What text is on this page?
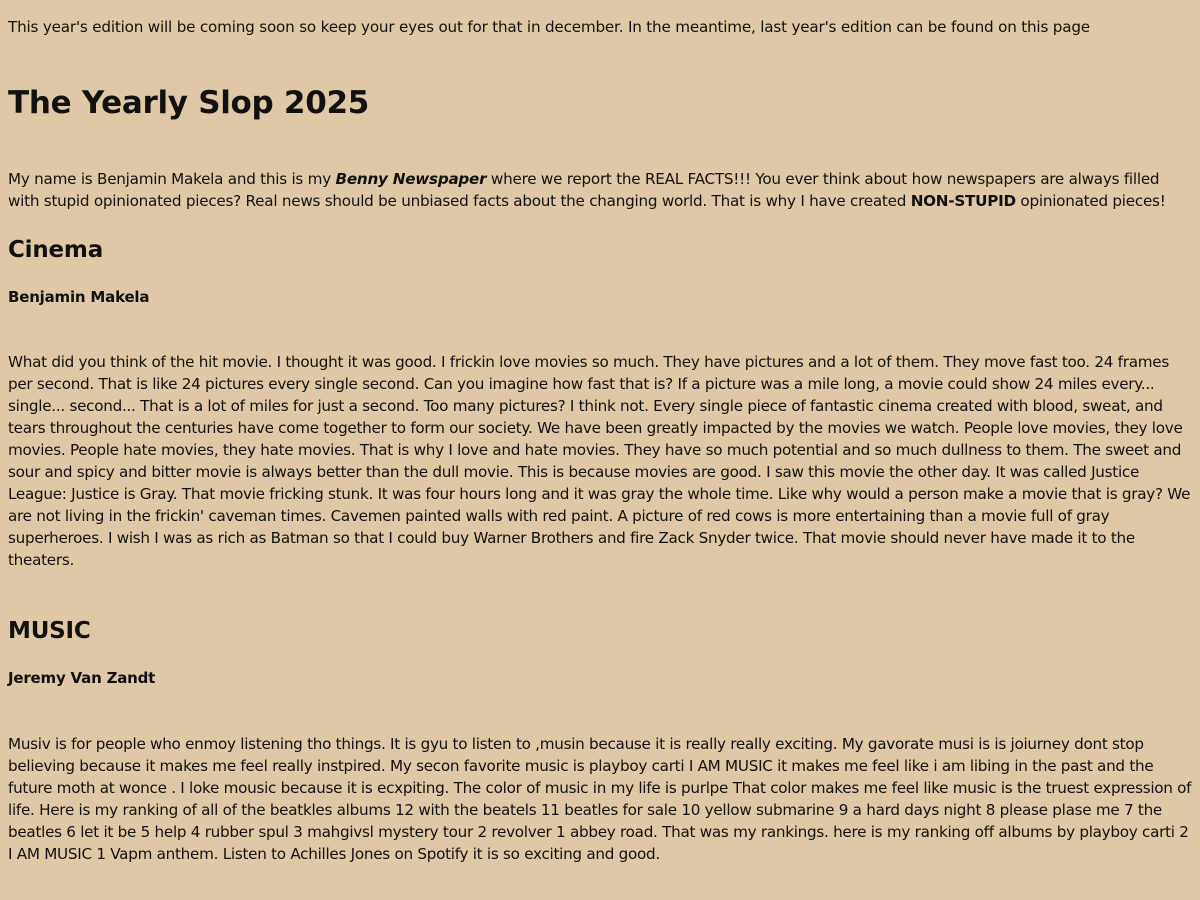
This year's edition will be coming soon so keep your eyes out for that in december. In the meantime, last year's edition can be found on this page

The Yearly Slop 2025

My name is Benjamin Makela and this is my Benny Newspaper where we report the REAL FACTS!!! You ever think about how newspapers are always filled with stupid opinionated pieces? Real news should be unbiased facts about the changing world. That is why I have created NON-STUPID opinionated pieces!

Cinema
Benjamin Makela

What did you think of the hit movie. I thought it was good. I frickin love movies so much. They have pictures and a lot of them. They move fast too. 24 frames per second. That is like 24 pictures every single second. Can you imagine how fast that is? If a picture was a mile long, a movie could show 24 miles every... single... second... That is a lot of miles for just a second. Too many pictures? I think not. Every single piece of fantastic cinema created with blood, sweat, and tears throughout the centuries have come together to form our society. We have been greatly impacted by the movies we watch. People love movies, they love movies. People hate movies, they hate movies. That is why I love and hate movies. They have so much potential and so much dullness to them. The sweet and sour and spicy and bitter movie is always better than the dull movie. This is because movies are good. I saw this movie the other day. It was called Justice League: Justice is Gray. That movie fricking stunk. It was four hours long and it was gray the whole time. Like why would a person make a movie that is gray? We are not living in the frickin' caveman times. Cavemen painted walls with red paint. A picture of red cows is more entertaining than a movie full of gray superheroes. I wish I was as rich as Batman so that I could buy Warner Brothers and fire Zack Snyder twice. That movie should never have made it to the theaters.

MUSIC
Jeremy Van Zandt

Musiv is for people who enmoy listening tho things. It is gyu to listen to ,musin because it is really really exciting. My gavorate musi is is joiurney dont stop believing because it makes me feel really instpired. My secon favorite music is playboy carti I AM MUSIC it makes me feel like i am libing in the past and the future moth at wonce . I loke mousic because it is ecxpiting. The color of music in my life is purlpe That color makes me feel like music is the truest expression of life. Here is my ranking of all of the beatkles albums 12 with the beatels 11 beatles for sale 10 yellow submarine 9 a hard days night 8 please plase me 7 the beatles 6 let it be 5 help 4 rubber spul 3 mahgivsl mystery tour 2 revolver 1 abbey road. That was my rankings. here is my ranking off albums by playboy carti 2 I AM MUSIC 1 Vapm anthem. Listen to Achilles Jones on Spotify it is so exciting and good.
